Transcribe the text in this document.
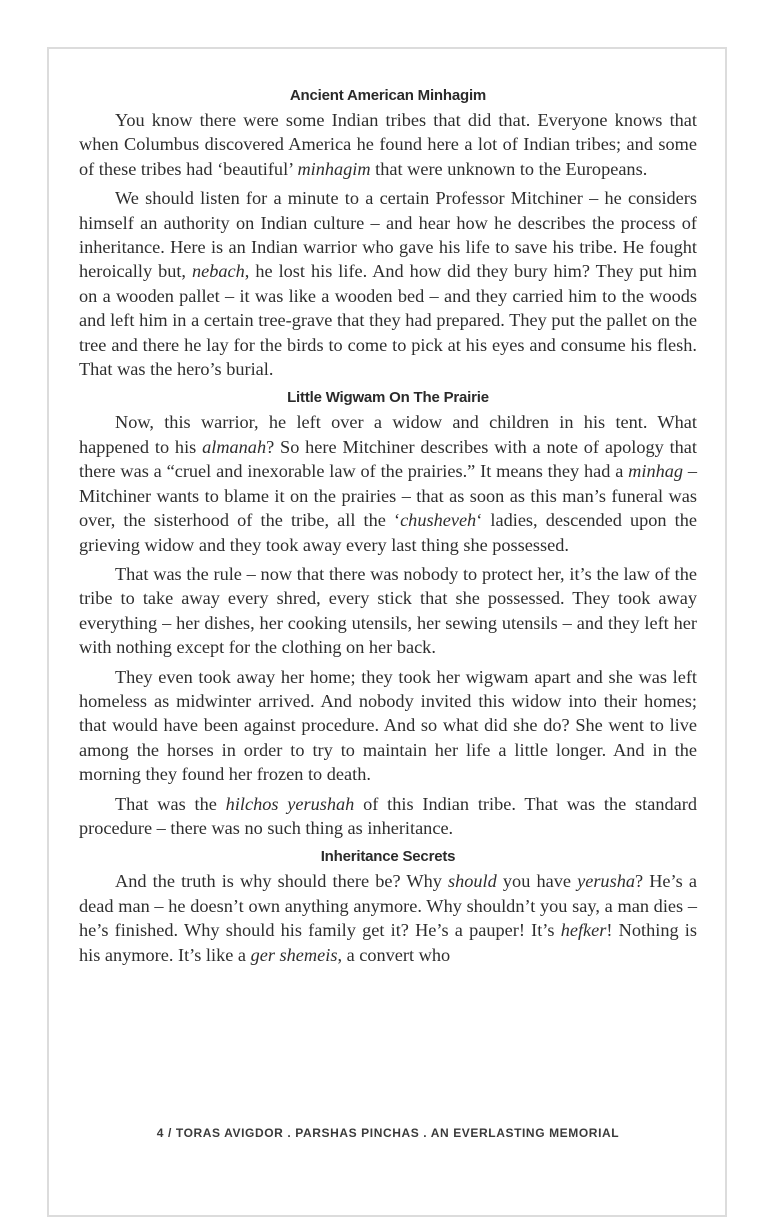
Ancient American Minhagim

You know there were some Indian tribes that did that. Everyone knows that when Columbus discovered America he found here a lot of Indian tribes; and some of these tribes had ‘beautiful’ minhagim that were unknown to the Europeans.

We should listen for a minute to a certain Professor Mitchiner – he considers himself an authority on Indian culture – and hear how he describes the process of inheritance. Here is an Indian warrior who gave his life to save his tribe. He fought heroically but, nebach, he lost his life. And how did they bury him? They put him on a wooden pallet – it was like a wooden bed – and they carried him to the woods and left him in a certain tree-grave that they had prepared. They put the pallet on the tree and there he lay for the birds to come to pick at his eyes and consume his flesh. That was the hero’s burial.

Little Wigwam On The Prairie

Now, this warrior, he left over a widow and children in his tent. What happened to his almanah? So here Mitchiner describes with a note of apology that there was a “cruel and inexorable law of the prairies.” It means they had a minhag – Mitchiner wants to blame it on the prairies – that as soon as this man’s funeral was over, the sisterhood of the tribe, all the ‘chusheveh‘ ladies, descended upon the grieving widow and they took away every last thing she possessed.

That was the rule – now that there was nobody to protect her, it’s the law of the tribe to take away every shred, every stick that she possessed. They took away everything – her dishes, her cooking utensils, her sewing utensils – and they left her with nothing except for the clothing on her back.

They even took away her home; they took her wigwam apart and she was left homeless as midwinter arrived. And nobody invited this widow into their homes; that would have been against procedure. And so what did she do? She went to live among the horses in order to try to maintain her life a little longer. And in the morning they found her frozen to death.

That was the hilchos yerushah of this Indian tribe. That was the standard procedure – there was no such thing as inheritance.

Inheritance Secrets

And the truth is why should there be? Why should you have yerusha? He’s a dead man – he doesn’t own anything anymore. Why shouldn’t you say, a man dies – he’s finished. Why should his family get it? He’s a pauper! It’s hefker! Nothing is his anymore. It’s like a ger shemeis, a convert who

4 / TORAS AVIGDOR . PARSHAS PINCHAS . AN EVERLASTING MEMORIAL
